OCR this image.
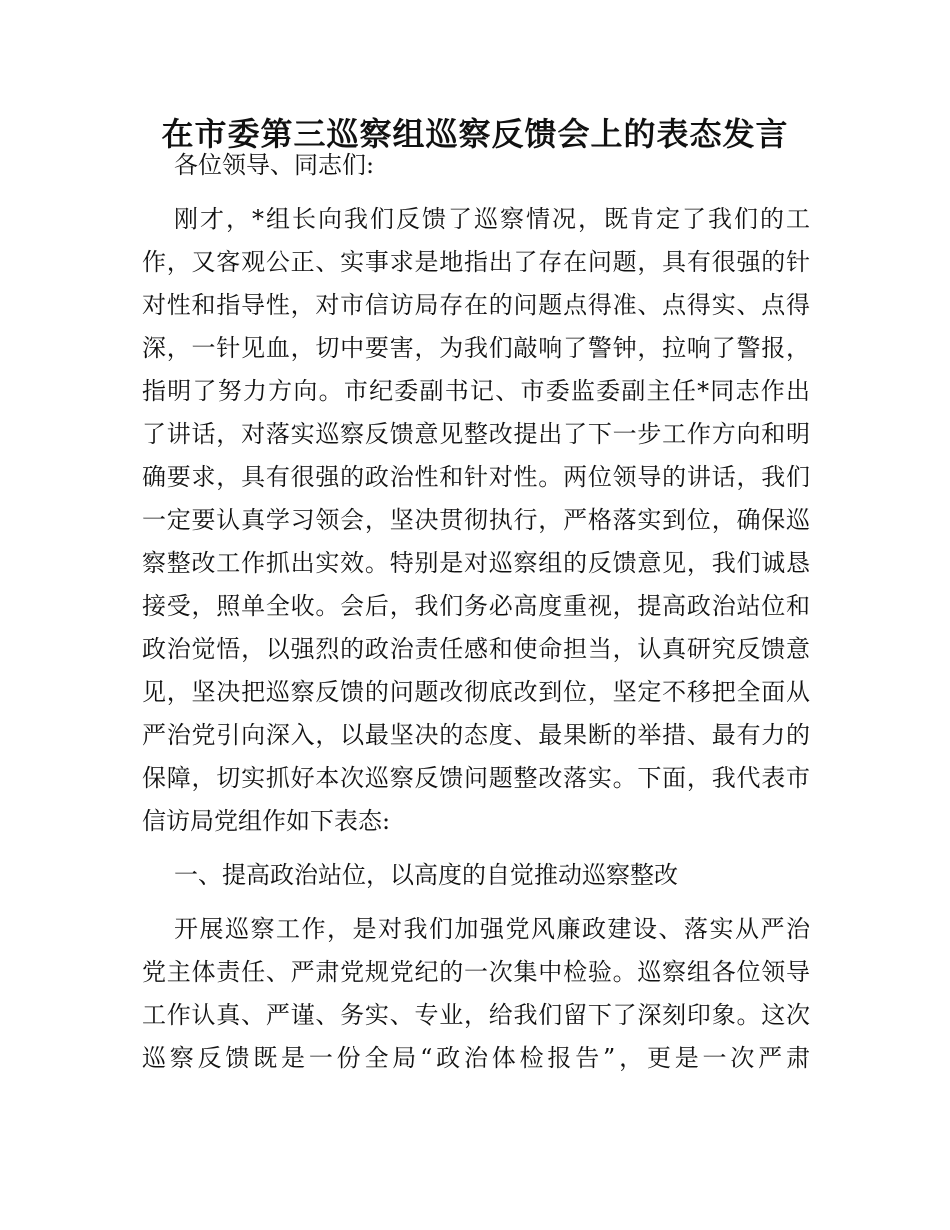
在市委第三巡察组巡察反馈会上的表态发言
各位领导、同志们:
刚才，*组长向我们反馈了巡察情况，既肯定了我们的工
作，又客观公正、实事求是地指出了存在问题，具有很强的针
对性和指导性，对市信访局存在的问题点得准、点得实、点得
深，一针见血，切中要害，为我们敲响了警钟，拉响了警报，
指明了努力方向。市纪委副书记、市委监委副主任*同志作出
了讲话，对落实巡察反馈意见整改提出了下一步工作方向和明
确要求，具有很强的政治性和针对性。两位领导的讲话，我们
一定要认真学习领会，坚决贯彻执行，严格落实到位，确保巡
察整改工作抓出实效。特别是对巡察组的反馈意见，我们诚恳
接受，照单全收。会后，我们务必高度重视，提高政治站位和
政治觉悟，以强烈的政治责任感和使命担当，认真研究反馈意
见，坚决把巡察反馈的问题改彻底改到位，坚定不移把全面从
严治党引向深入，以最坚决的态度、最果断的举措、最有力的
保障，切实抓好本次巡察反馈问题整改落实。下面，我代表市
信访局党组作如下表态:
一、提高政治站位，以高度的自觉推动巡察整改
开展巡察工作，是对我们加强党风廉政建设、落实从严治
党主体责任、严肃党规党纪的一次集中检验。巡察组各位领导
工作认真、严谨、务实、专业，给我们留下了深刻印象。这次
巡察反馈既是一份全局“政治体检报告”，更是一次严肃
